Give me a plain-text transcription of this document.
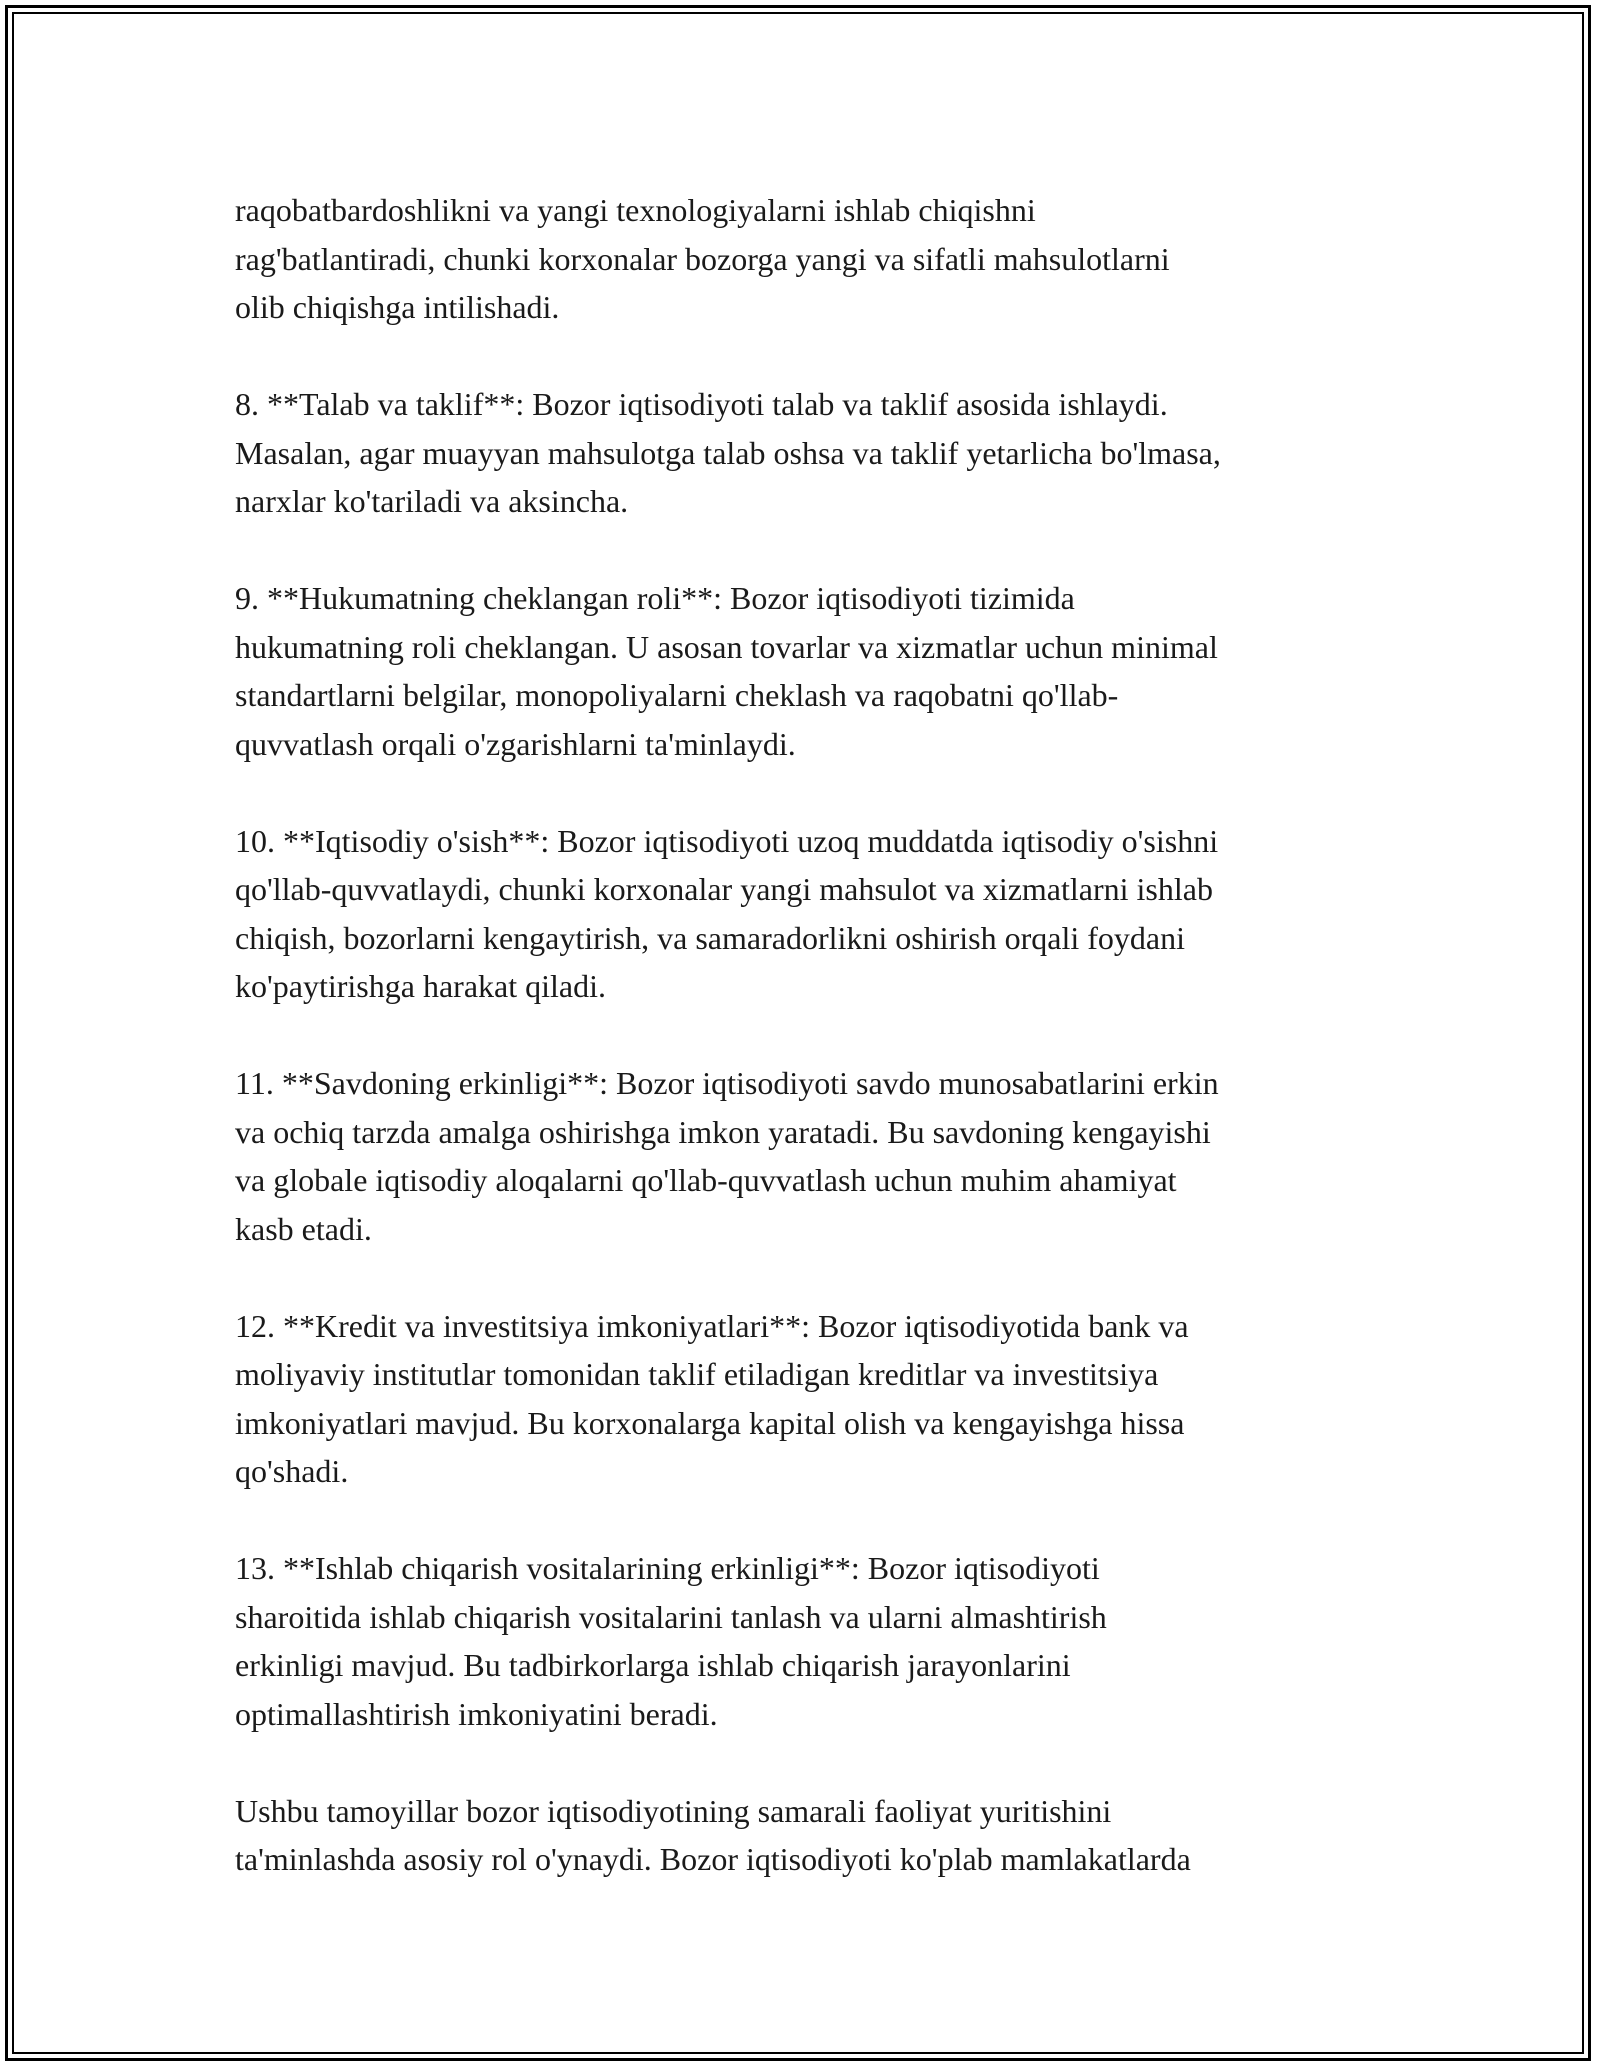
raqobatbardoshlikni va yangi texnologiyalarni ishlab chiqishni
rag'batlantiradi, chunki korxonalar bozorga yangi va sifatli mahsulotlarni
olib chiqishga intilishadi.

8. **Talab va taklif**: Bozor iqtisodiyoti talab va taklif asosida ishlaydi.
Masalan, agar muayyan mahsulotga talab oshsa va taklif yetarlicha bo'lmasa,
narxlar ko'tariladi va aksincha.

9. **Hukumatning cheklangan roli**: Bozor iqtisodiyoti tizimida
hukumatning roli cheklangan. U asosan tovarlar va xizmatlar uchun minimal
standartlarni belgilar, monopoliyalarni cheklash va raqobatni qo'llab-
quvvatlash orqali o'zgarishlarni ta'minlaydi.

10. **Iqtisodiy o'sish**: Bozor iqtisodiyoti uzoq muddatda iqtisodiy o'sishni
qo'llab-quvvatlaydi, chunki korxonalar yangi mahsulot va xizmatlarni ishlab
chiqish, bozorlarni kengaytirish, va samaradorlikni oshirish orqali foydani
ko'paytirishga harakat qiladi.

11. **Savdoning erkinligi**: Bozor iqtisodiyoti savdo munosabatlarini erkin
va ochiq tarzda amalga oshirishga imkon yaratadi. Bu savdoning kengayishi
va globale iqtisodiy aloqalarni qo'llab-quvvatlash uchun muhim ahamiyat
kasb etadi.

12. **Kredit va investitsiya imkoniyatlari**: Bozor iqtisodiyotida bank va
moliyaviy institutlar tomonidan taklif etiladigan kreditlar va investitsiya
imkoniyatlari mavjud. Bu korxonalarga kapital olish va kengayishga hissa
qo'shadi.

13. **Ishlab chiqarish vositalarining erkinligi**: Bozor iqtisodiyoti
sharoitida ishlab chiqarish vositalarini tanlash va ularni almashtirish
erkinligi mavjud. Bu tadbirkorlarga ishlab chiqarish jarayonlarini
optimallashtirish imkoniyatini beradi.

Ushbu tamoyillar bozor iqtisodiyotining samarali faoliyat yuritishini
ta'minlashda asosiy rol o'ynaydi. Bozor iqtisodiyoti ko'plab mamlakatlarda
